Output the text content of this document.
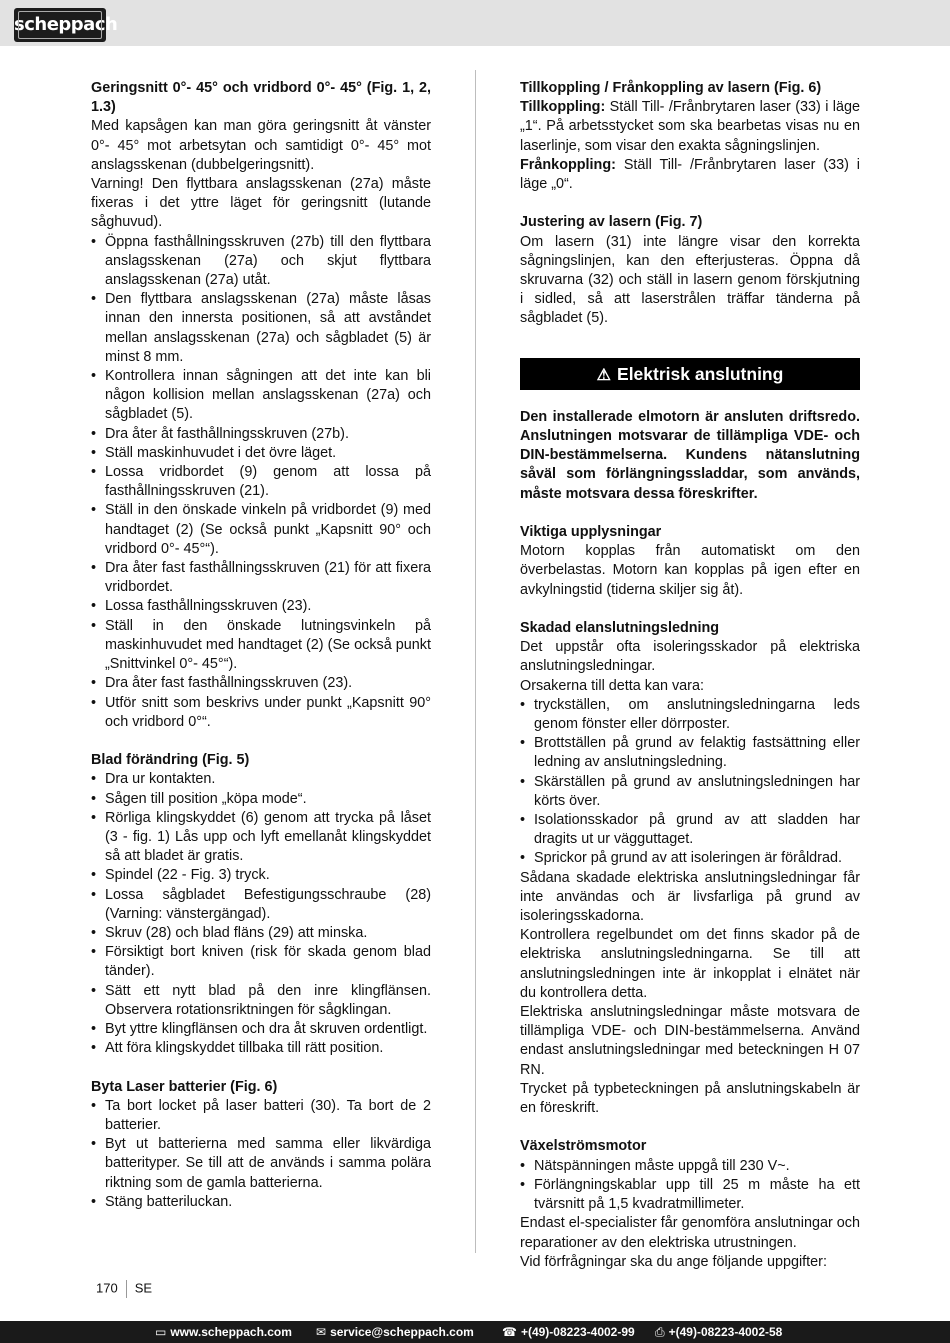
scheppach

Geringsnitt 0°- 45° och vridbord 0°- 45° (Fig. 1, 2, 1.3)

Med kapsågen kan man göra geringsnitt åt vänster 0°- 45° mot arbetsytan och samtidigt 0°- 45° mot anslagsskenan (dubbelgeringsnitt).

Varning! Den flyttbara anslagsskenan (27a) måste fixeras i det yttre läget för geringsnitt (lutande såghuvud).

• Öppna fasthållningsskruven (27b) till den flyttbara anslagsskenan (27a) och skjut flyttbara anslagsskenan (27a) utåt.
• Den flyttbara anslagsskenan (27a) måste låsas innan den innersta positionen, så att avståndet mellan anslagsskenan (27a) och sågbladet (5) är minst 8 mm.
• Kontrollera innan sågningen att det inte kan bli någon kollision mellan anslagsskenan (27a) och sågbladet (5).
• Dra åter åt fasthållningsskruven (27b).
• Ställ maskinhuvudet i det övre läget.
• Lossa vridbordet (9) genom att lossa på fasthållningsskruven (21).
• Ställ in den önskade vinkeln på vridbordet (9) med handtaget (2) (Se också punkt „Kapsnitt 90° och vridbord 0°- 45°“).
• Dra åter fast fasthållningsskruven (21) för att fixera vridbordet.
• Lossa fasthållningsskruven (23).
• Ställ in den önskade lutningsvinkeln på maskinhuvudet med handtaget (2) (Se också punkt „Snittvinkel 0°- 45°“).
• Dra åter fast fasthållningsskruven (23).
• Utför snitt som beskrivs under punkt „Kapsnitt 90° och vridbord 0°“.

Blad förändring (Fig. 5)

• Dra ur kontakten.
• Sågen till position „köpa mode“.
• Rörliga klingskyddet (6) genom att trycka på låset (3 - fig. 1) Lås upp och lyft emellanåt klingskyddet så att bladet är gratis.
• Spindel (22 - Fig. 3) tryck.
• Lossa sågbladet Befestigungsschraube (28) (Varning: vänstergängad).
• Skruv (28) och blad fläns (29) att minska.
• Försiktigt bort kniven (risk för skada genom blad tänder).
• Sätt ett nytt blad på den inre klingflänsen. Observera rotationsriktningen för sågklingan.
• Byt yttre klingflänsen och dra åt skruven ordentligt.
• Att föra klingskyddet tillbaka till rätt position.

Byta Laser batterier (Fig. 6)

• Ta bort locket på laser batteri (30). Ta bort de 2 batterier.
• Byt ut batterierna med samma eller likvärdiga batterityper. Se till att de används i samma polära riktning som de gamla batterierna.
• Stäng batteriluckan.

Tillkoppling / Frånkoppling av lasern (Fig. 6)

Tillkoppling: Ställ Till- /Frånbrytaren laser (33) i läge „1“. På arbetsstycket som ska bearbetas visas nu en laserlinje, som visar den exakta sågningslinjen.

Frånkoppling: Ställ Till- /Frånbrytaren laser (33) i läge „0“.

Justering av lasern (Fig. 7)

Om lasern (31) inte längre visar den korrekta sågningslinjen, kan den efterjusteras. Öppna då skruvarna (32) och ställ in lasern genom förskjutning i sidled, så att laserstrålen träffar tänderna på sågbladet (5).

⚠ Elektrisk anslutning

Den installerade elmotorn är ansluten driftsredo. Anslutningen motsvarar de tillämpliga VDE- och DIN-bestämmelserna. Kundens nätanslutning såväl som förlängningssladdar, som används, måste motsvara dessa föreskrifter.

Viktiga upplysningar

Motorn kopplas från automatiskt om den överbelastas. Motorn kan kopplas på igen efter en avkylningstid (tiderna skiljer sig åt).

Skadad elanslutningsledning

Det uppstår ofta isoleringsskador på elektriska anslutningsledningar.

Orsakerna till detta kan vara:

• tryckställen, om anslutningsledningarna leds genom fönster eller dörrposter.
• Brottställen på grund av felaktig fastsättning eller ledning av anslutningsledning.
• Skärställen på grund av anslutningsledningen har körts över.
• Isolationsskador på grund av att sladden har dragits ut ur vägguttaget.
• Sprickor på grund av att isoleringen är föråldrad.

Sådana skadade elektriska anslutningsledningar får inte användas och är livsfarliga på grund av isoleringsskadorna.

Kontrollera regelbundet om det finns skador på de elektriska anslutningsledningarna. Se till att anslutningsledningen inte är inkopplat i elnätet när du kontrollera detta.

Elektriska anslutningsledningar måste motsvara de tillämpliga VDE- och DIN-bestämmelserna. Använd endast anslutningsledningar med beteckningen H 07 RN.

Trycket på typbeteckningen på anslutningskabeln är en föreskrift.

Växelströmsmotor

• Nätspänningen måste uppgå till 230 V~.
• Förlängningskablar upp till 25 m måste ha ett tvärsnitt på 1,5 kvadratmillimeter.

Endast el-specialister får genomföra anslutningar och reparationer av den elektriska utrustningen.

Vid förfrågningar ska du ange följande uppgifter:

170 SE
▭ www.scheppach.com ✉ service@scheppach.com ☎ +(49)-08223-4002-99 ⎙ +(49)-08223-4002-58
